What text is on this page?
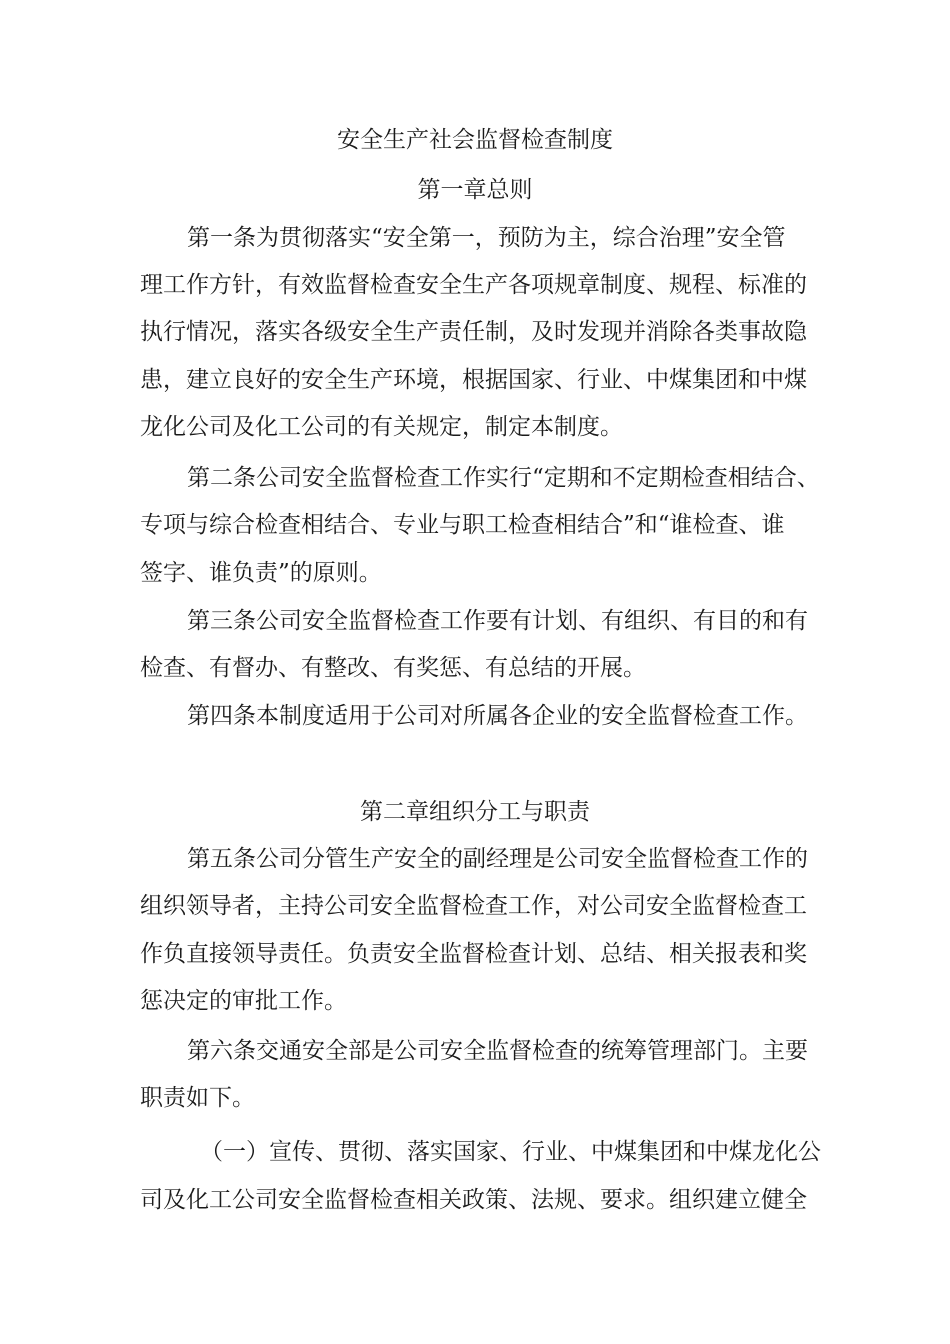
安全生产社会监督检查制度

第一章总则

第一条为贯彻落实“安全第一，预防为主，综合治理”安全管

理工作方针，有效监督检查安全生产各项规章制度、规程、标准的

执行情况，落实各级安全生产责任制，及时发现并消除各类事故隐

患，建立良好的安全生产环境，根据国家、行业、中煤集团和中煤

龙化公司及化工公司的有关规定，制定本制度。

第二条公司安全监督检查工作实行“定期和不定期检查相结合、

专项与综合检查相结合、专业与职工检查相结合”和“谁检查、谁

签字、谁负责”的原则。

第三条公司安全监督检查工作要有计划、有组织、有目的和有

检查、有督办、有整改、有奖惩、有总结的开展。

第四条本制度适用于公司对所属各企业的安全监督检查工作。

第二章组织分工与职责

第五条公司分管生产安全的副经理是公司安全监督检查工作的

组织领导者，主持公司安全监督检查工作，对公司安全监督检查工

作负直接领导责任。负责安全监督检查计划、总结、相关报表和奖

惩决定的审批工作。

第六条交通安全部是公司安全监督检查的统筹管理部门。主要

职责如下。

（一）宣传、贯彻、落实国家、行业、中煤集团和中煤龙化公

司及化工公司安全监督检查相关政策、法规、要求。组织建立健全
